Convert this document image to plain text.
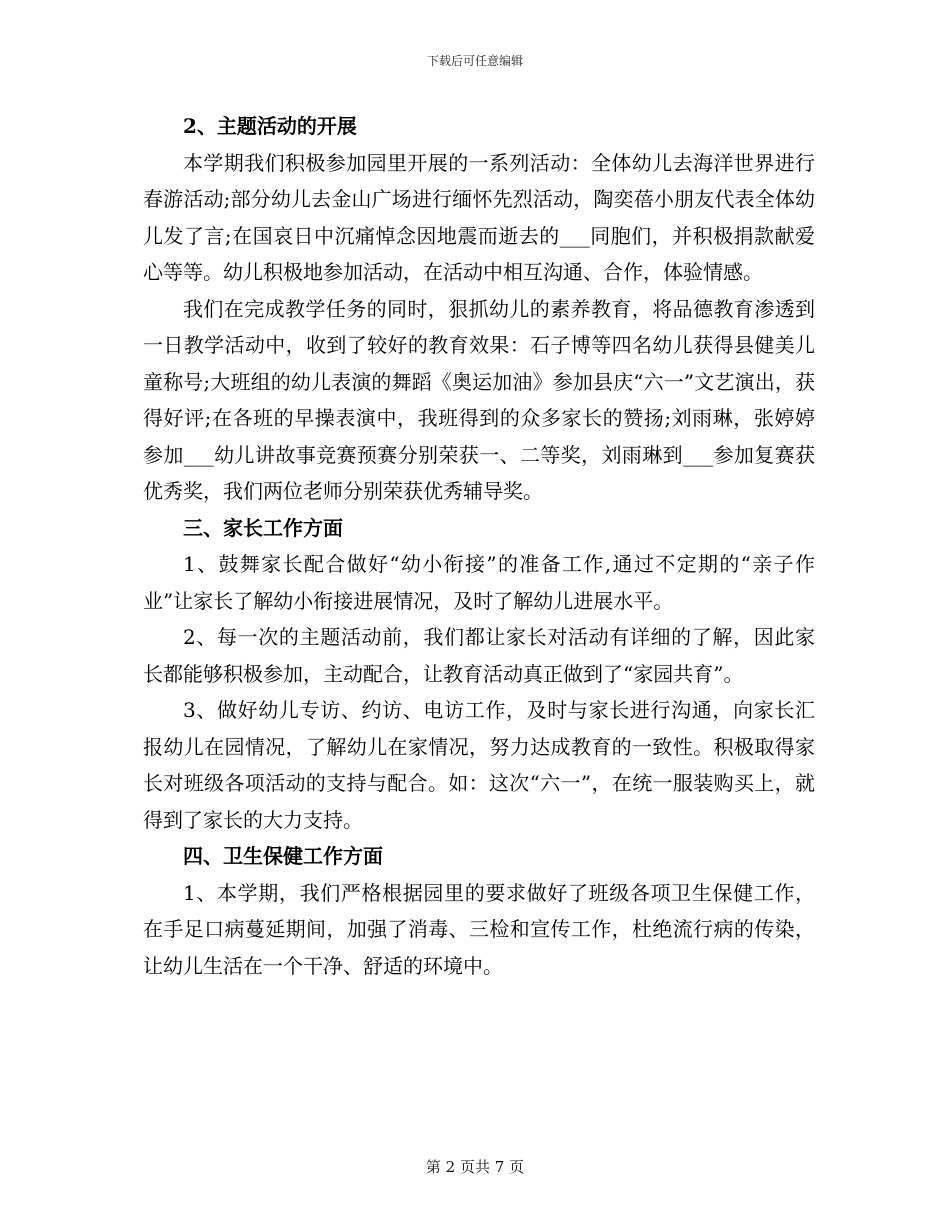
下载后可任意编辑

2、主题活动的开展

本学期我们积极参加园里开展的一系列活动：全体幼儿去海洋世界进行春游活动;部分幼儿去金山广场进行缅怀先烈活动，陶奕蓓小朋友代表全体幼儿发了言;在国哀日中沉痛悼念因地震而逝去的___同胞们，并积极捐款献爱心等等。幼儿积极地参加活动，在活动中相互沟通、合作，体验情感。

我们在完成教学任务的同时，狠抓幼儿的素养教育，将品德教育渗透到一日教学活动中，收到了较好的教育效果：石子博等四名幼儿获得县健美儿童称号;大班组的幼儿表演的舞蹈《奥运加油》参加县庆“六一”文艺演出，获得好评;在各班的早操表演中，我班得到的众多家长的赞扬;刘雨琳，张婷婷参加___幼儿讲故事竞赛预赛分别荣获一、二等奖，刘雨琳到___参加复赛获优秀奖，我们两位老师分别荣获优秀辅导奖。

三、家长工作方面

1、鼓舞家长配合做好“幼小衔接”的准备工作,通过不定期的“亲子作业”让家长了解幼小衔接进展情况，及时了解幼儿进展水平。

2、每一次的主题活动前，我们都让家长对活动有详细的了解，因此家长都能够积极参加，主动配合，让教育活动真正做到了“家园共育”。

3、做好幼儿专访、约访、电访工作，及时与家长进行沟通，向家长汇报幼儿在园情况，了解幼儿在家情况，努力达成教育的一致性。积极取得家长对班级各项活动的支持与配合。如：这次“六一”，在统一服装购买上，就得到了家长的大力支持。

四、卫生保健工作方面

1、本学期，我们严格根据园里的要求做好了班级各项卫生保健工作，在手足口病蔓延期间，加强了消毒、三检和宣传工作，杜绝流行病的传染，让幼儿生活在一个干净、舒适的环境中。

第 2 页共 7 页
